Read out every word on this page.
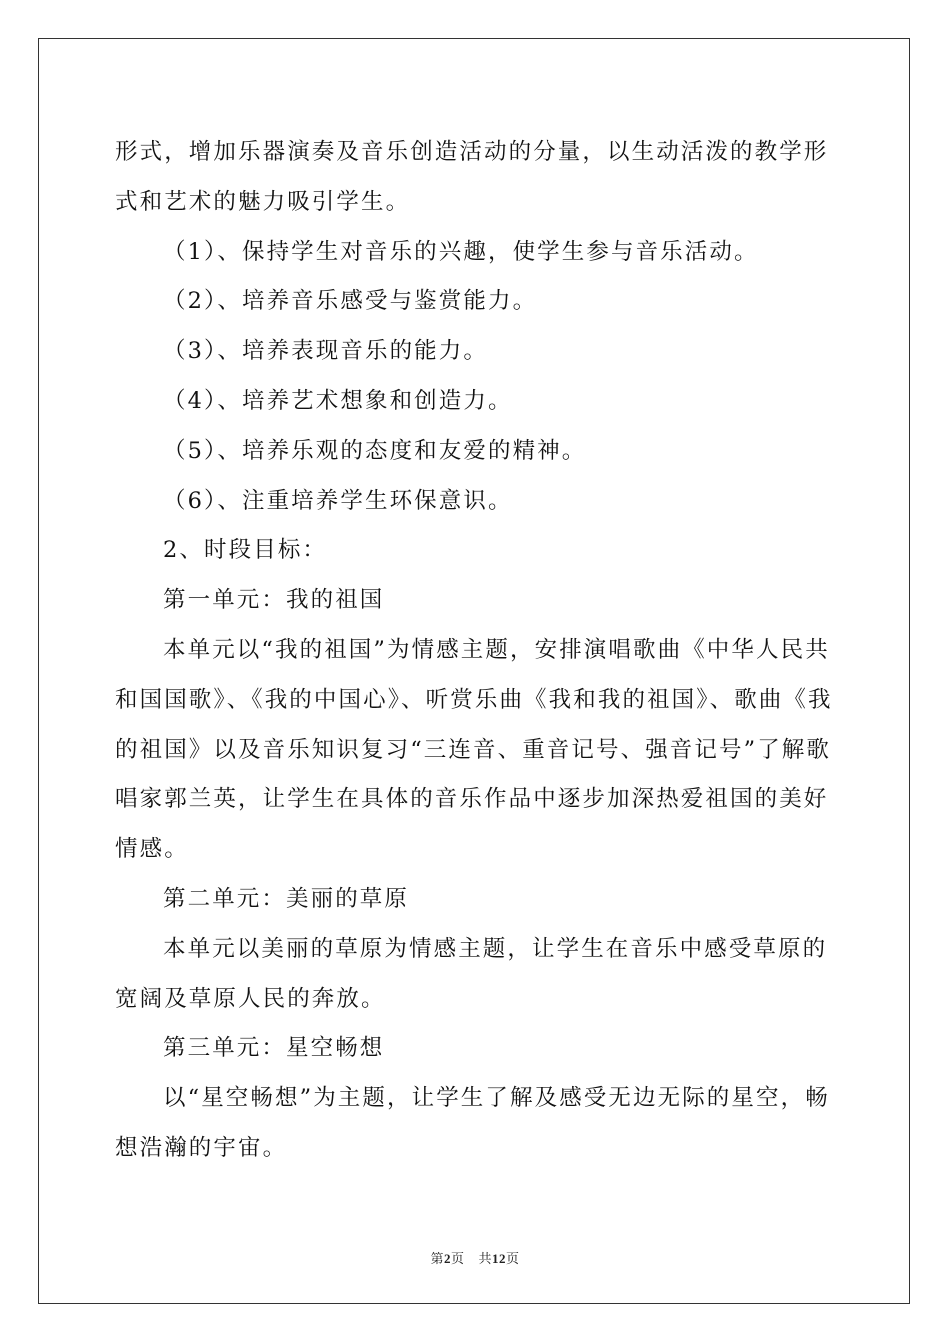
形式，增加乐器演奏及音乐创造活动的分量，以生动活泼的教学形式和艺术的魅力吸引学生。

（1）、保持学生对音乐的兴趣，使学生参与音乐活动。

（2）、培养音乐感受与鉴赏能力。

（3）、培养表现音乐的能力。

（4）、培养艺术想象和创造力。

（5）、培养乐观的态度和友爱的精神。

（6）、注重培养学生环保意识。

2、时段目标：

第一单元：我的祖国

本单元以“我的祖国”为情感主题，安排演唱歌曲《中华人民共和国国歌》、《我的中国心》、听赏乐曲《我和我的祖国》、歌曲《我的祖国》以及音乐知识复习“三连音、重音记号、强音记号”了解歌唱家郭兰英，让学生在具体的音乐作品中逐步加深热爱祖国的美好情感。

第二单元：美丽的草原

本单元以美丽的草原为情感主题，让学生在音乐中感受草原的宽阔及草原人民的奔放。

第三单元：星空畅想

以“星空畅想”为主题，让学生了解及感受无边无际的星空，畅想浩瀚的宇宙。

第2页 共12页
